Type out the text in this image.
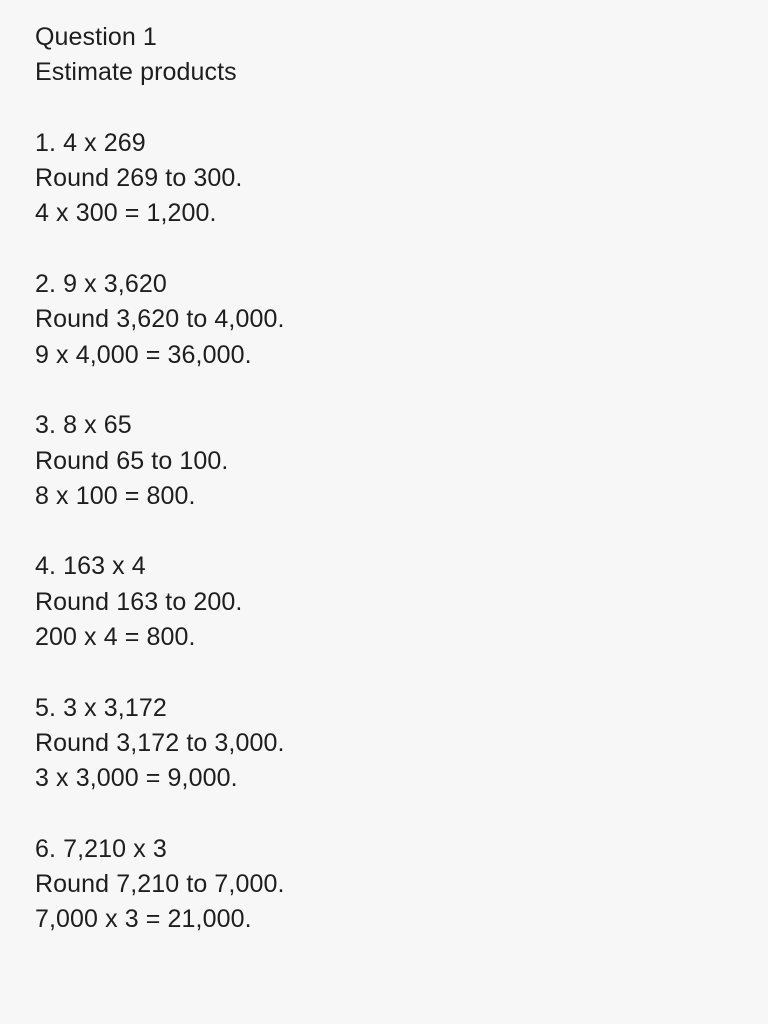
Question 1
Estimate products
1. 4 x 269
Round 269 to 300.
4 x 300 = 1,200.
2. 9 x 3,620
Round 3,620 to 4,000.
9 x 4,000 = 36,000.
3. 8 x 65
Round 65 to 100.
8 x 100 = 800.
4. 163 x 4
Round 163 to 200.
200 x 4 = 800.
5. 3 x 3,172
Round 3,172 to 3,000.
3 x 3,000 = 9,000.
6. 7,210 x 3
Round 7,210 to 7,000.
7,000 x 3 = 21,000.
